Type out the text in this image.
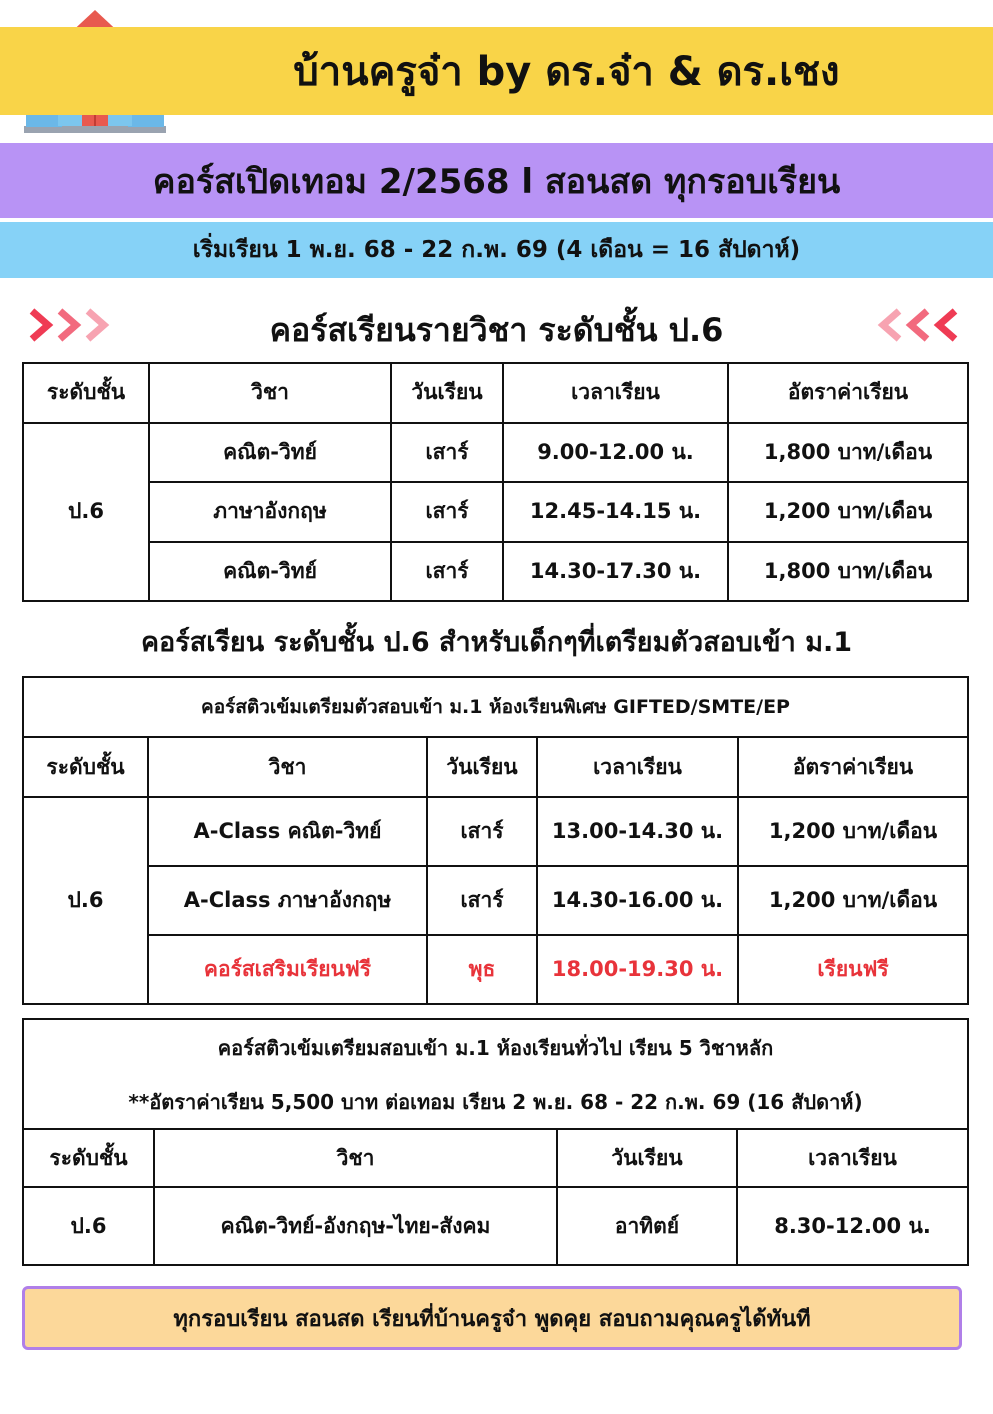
บ้านครูจ๋า by ดร.จ๋า & ดร.เชง
คอร์สเปิดเทอม 2/2568 l สอนสด ทุกรอบเรียน
เริ่มเรียน 1 พ.ย. 68 - 22 ก.พ. 69 (4 เดือน = 16 สัปดาห์)
คอร์สเรียนรายวิชา ระดับชั้น ป.6
ระดับชั้น	วิชา	วันเรียน	เวลาเรียน	อัตราค่าเรียน
ป.6	คณิต-วิทย์	เสาร์	9.00-12.00 น.	1,800 บาท/เดือน
	ภาษาอังกฤษ	เสาร์	12.45-14.15 น.	1,200 บาท/เดือน
	คณิต-วิทย์	เสาร์	14.30-17.30 น.	1,800 บาท/เดือน
คอร์สเรียน ระดับชั้น ป.6 สำหรับเด็กๆที่เตรียมตัวสอบเข้า ม.1
คอร์สติวเข้มเตรียมตัวสอบเข้า ม.1 ห้องเรียนพิเศษ GIFTED/SMTE/EP				
ระดับชั้น	วิชา	วันเรียน	เวลาเรียน	อัตราค่าเรียน
ป.6	A-Class คณิต-วิทย์	เสาร์	13.00-14.30 น.	1,200 บาท/เดือน
	A-Class ภาษาอังกฤษ	เสาร์	14.30-16.00 น.	1,200 บาท/เดือน
	คอร์สเสริมเรียนฟรี	พุธ	18.00-19.30 น.	เรียนฟรี
คอร์สติวเข้มเตรียมสอบเข้า ม.1 ห้องเรียนทั่วไป เรียน 5 วิชาหลัก			
**อัตราค่าเรียน 5,500 บาท ต่อเทอม เรียน 2 พ.ย. 68 - 22 ก.พ. 69 (16 สัปดาห์)			
ระดับชั้น	วิชา	วันเรียน	เวลาเรียน
ป.6	คณิต-วิทย์-อังกฤษ-ไทย-สังคม	อาทิตย์	8.30-12.00 น.
ทุกรอบเรียน สอนสด เรียนที่บ้านครูจ๋า พูดคุย สอบถามคุณครูได้ทันที
